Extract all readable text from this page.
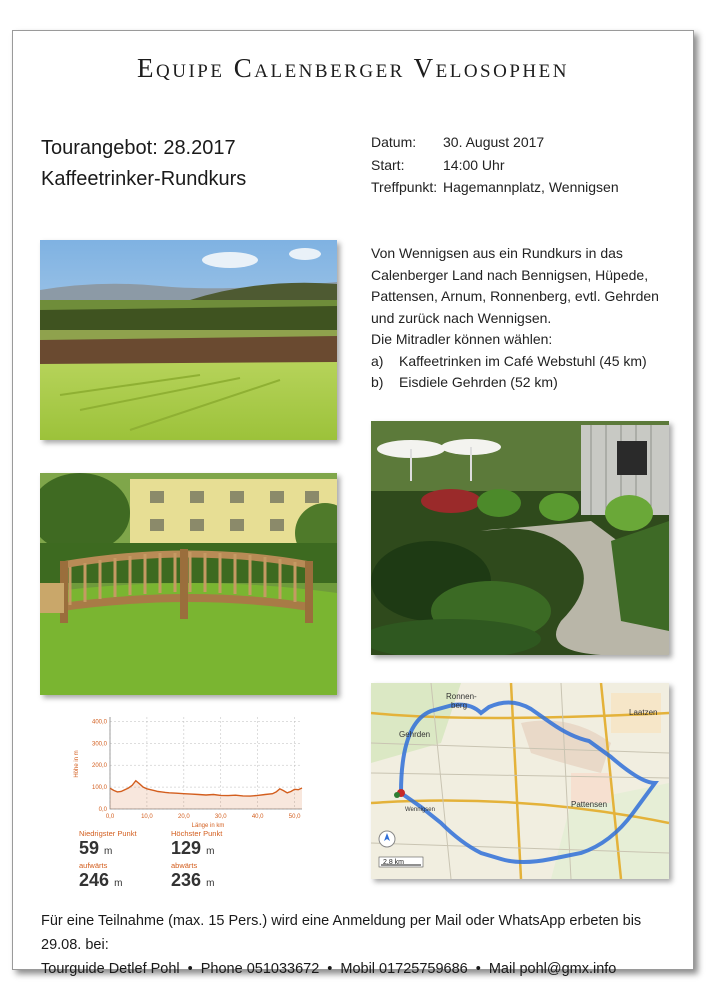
Equipe Calenberger Velosophen
Tourangebot: 28.2017
Kaffeetrinker-Rundkurs
Datum:	30. August 2017
Start:	14:00 Uhr
Treffpunkt: Hagemannplatz, Wennigsen
Von Wennigsen aus ein Rundkurs in das
Calenberger Land nach Bennigsen, Hüpede,
Pattensen, Arnum, Ronnenberg, evtl. Gehrden
und zurück nach Wennigsen.
Die Mitradler können wählen:
a)	Kaffeetrinken im Café Webstuhl (45 km)
b)	Eisdiele Gehrden (52 km)
Ronnen-
berg
Gehrden
Laatzen
Pattensen
Wennigsen
2,8 km
400,0
300,0
200,0
100,0
0,0
0,0	10,0	20,0	30,0	40,0	50,0
Höhe in m
Länge in km
Niedrigster Punkt
59 m
Höchster Punkt
129 m
aufwärts
246 m
abwärts
236 m
Für eine Teilnahme (max. 15 Pers.) wird eine Anmeldung per Mail oder WhatsApp erbeten bis 29.08. bei:
Tourguide Detlef Pohl • Phone 051033672 • Mobil 01725759686 • Mail pohl@gmx.info
